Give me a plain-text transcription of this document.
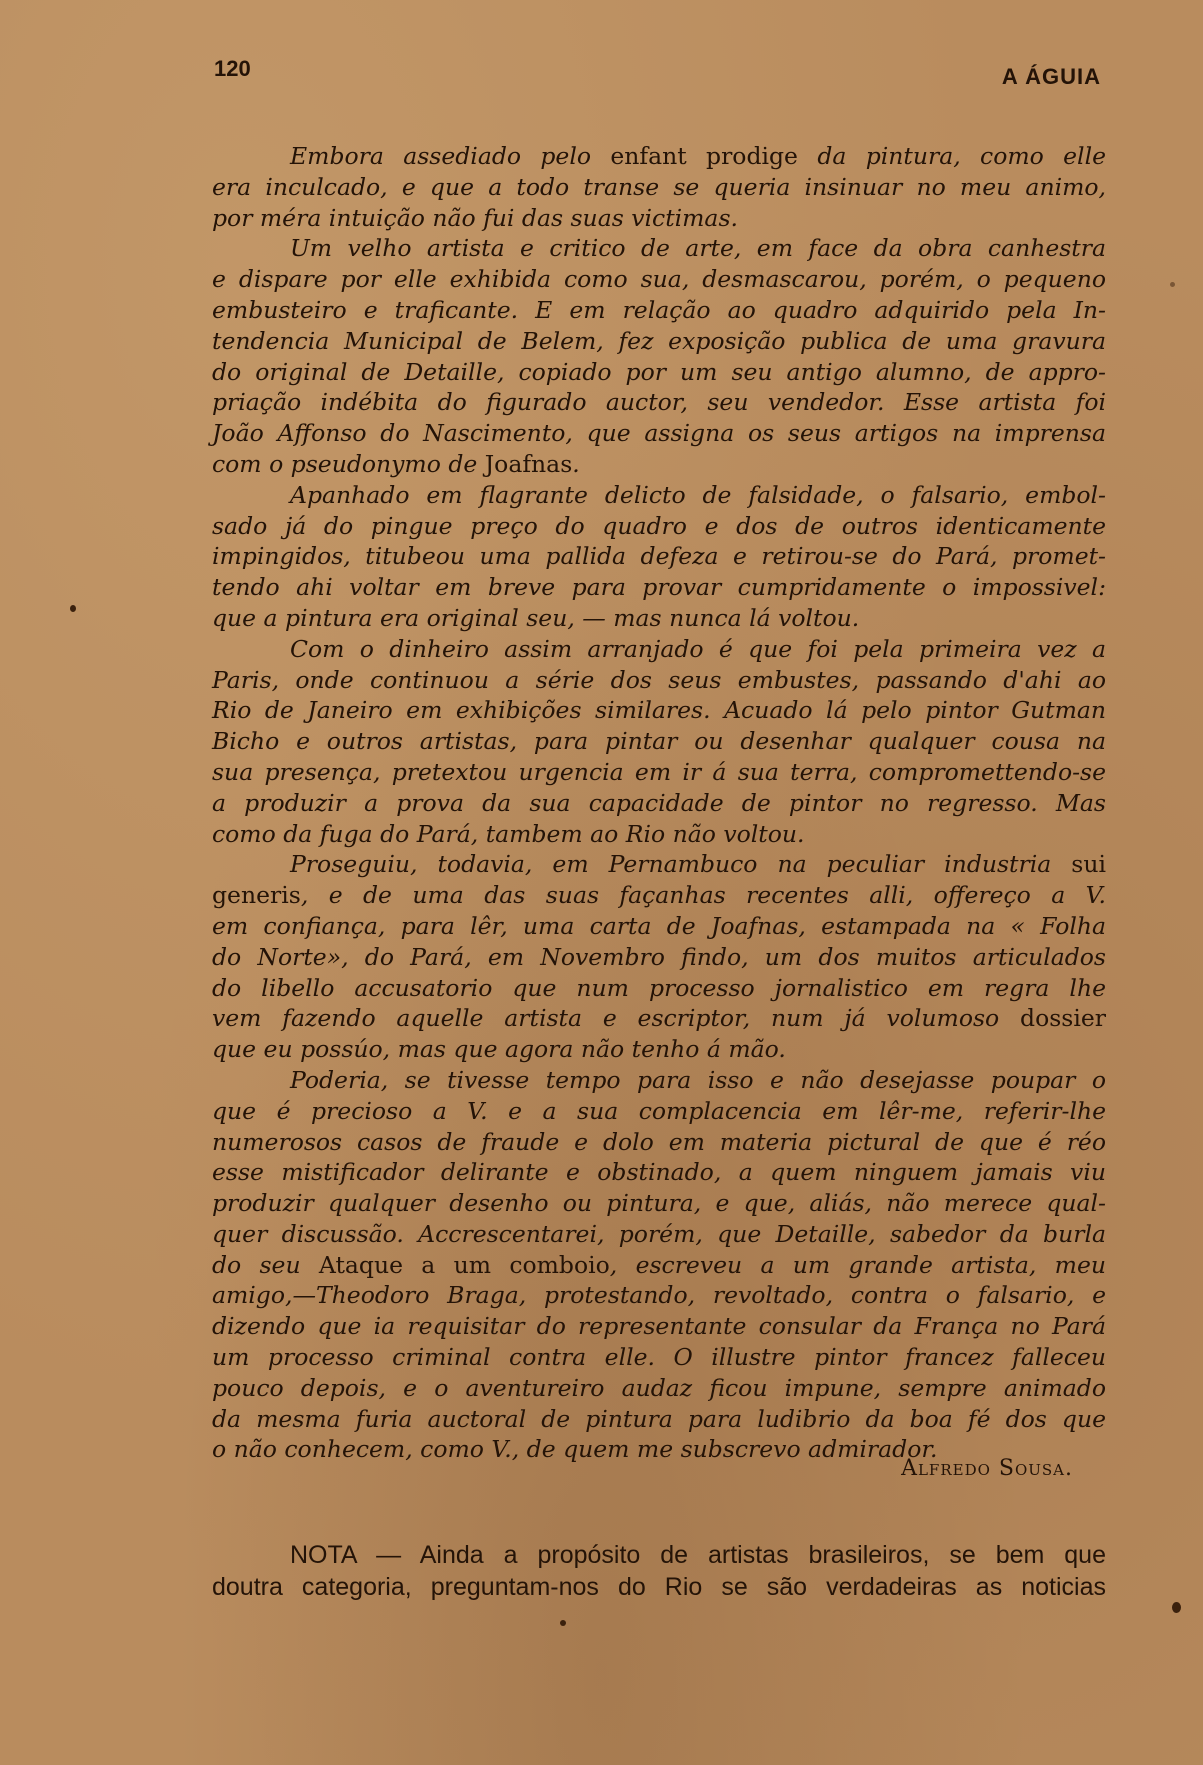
120	A ÁGUIA
Embora assediado pelo enfant prodige da pintura, como elle
era inculcado, e que a todo transe se queria insinuar no meu animo,
por méra intuição não fui das suas victimas.
Um velho artista e critico de arte, em face da obra canhestra
e dispare por elle exhibida como sua, desmascarou, porém, o pequeno
embusteiro e traficante. E em relação ao quadro adquirido pela In-
tendencia Municipal de Belem, fez exposição publica de uma gravura
do original de Detaille, copiado por um seu antigo alumno, de appro-
priação indébita do figurado auctor, seu vendedor. Esse artista foi
João Affonso do Nascimento, que assigna os seus artigos na imprensa
com o pseudonymo de Joafnas.
Apanhado em flagrante delicto de falsidade, o falsario, embol-
sado já do pingue preço do quadro e dos de outros identicamente
impingidos, titubeou uma pallida defeza e retirou-se do Pará, promet-
tendo ahi voltar em breve para provar cumpridamente o impossivel:
que a pintura era original seu, — mas nunca lá voltou.
Com o dinheiro assim arranjado é que foi pela primeira vez a
Paris, onde continuou a série dos seus embustes, passando d'ahi ao
Rio de Janeiro em exhibições similares. Acuado lá pelo pintor Gutman
Bicho e outros artistas, para pintar ou desenhar qualquer cousa na
sua presença, pretextou urgencia em ir á sua terra, compromettendo-se
a produzir a prova da sua capacidade de pintor no regresso. Mas
como da fuga do Pará, tambem ao Rio não voltou.
Proseguiu, todavia, em Pernambuco na peculiar industria sui
generis, e de uma das suas façanhas recentes alli, offereço a V.
em confiança, para lêr, uma carta de Joafnas, estampada na « Folha
do Norte», do Pará, em Novembro findo, um dos muitos articulados
do libello accusatorio que num processo jornalistico em regra lhe
vem fazendo aquelle artista e escriptor, num já volumoso dossier
que eu possúo, mas que agora não tenho á mão.
Poderia, se tivesse tempo para isso e não desejasse poupar o
que é precioso a V. e a sua complacencia em lêr-me, referir-lhe
numerosos casos de fraude e dolo em materia pictural de que é réo
esse mistificador delirante e obstinado, a quem ninguem jamais viu
produzir qualquer desenho ou pintura, e que, aliás, não merece qual-
quer discussão. Accrescentarei, porém, que Detaille, sabedor da burla
do seu Ataque a um comboio, escreveu a um grande artista, meu
amigo,—Theodoro Braga, protestando, revoltado, contra o falsario, e
dizendo que ia requisitar do representante consular da França no Pará
um processo criminal contra elle. O illustre pintor francez falleceu
pouco depois, e o aventureiro audaz ficou impune, sempre animado
da mesma furia auctoral de pintura para ludibrio da boa fé dos que
o não conhecem, como V., de quem me subscrevo admirador.
Alfredo Sousa.
NOTA — Ainda a propósito de artistas brasileiros, se bem que
doutra categoria, preguntam-nos do Rio se são verdadeiras as noticias
